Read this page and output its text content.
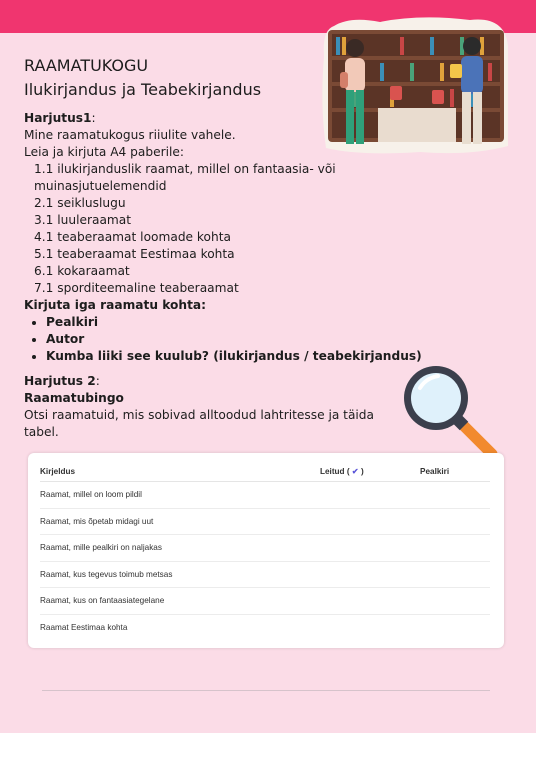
RAAMATUKOGU
Ilukirjandus ja Teabekirjandus
Harjutus1:
Mine raamatukogus riiulite vahele.
Leia ja kirjuta A4 paberile:
1.1 ilukirjanduslik raamat, millel on fantaasia- või muinasjutuelemendid
2.1 seikluslugu
3.1 luuleraamat
4.1 teaberaamat loomade kohta
5.1 teaberaamat Eestimaa kohta
6.1 kokaraamat
7.1 sporditeemaline teaberaamat
Kirjuta iga raamatu kohta:
• Pealkiri
• Autor
• Kumba liiki see kuulub? (ilukirjandus / teabekirjandus)
Harjutus 2:
Raamatubingo
Otsi raamatuid, mis sobivad alltoodud lahtritesse ja täida tabel.
Kirjeldus	Leitud ( ✔ )	Pealkiri
Raamat, millel on loom pildil		
Raamat, mis õpetab midagi uut		
Raamat, mille pealkiri on naljakas		
Raamat, kus tegevus toimub metsas		
Raamat, kus on fantaasiategelane		
Raamat Eestimaa kohta		
